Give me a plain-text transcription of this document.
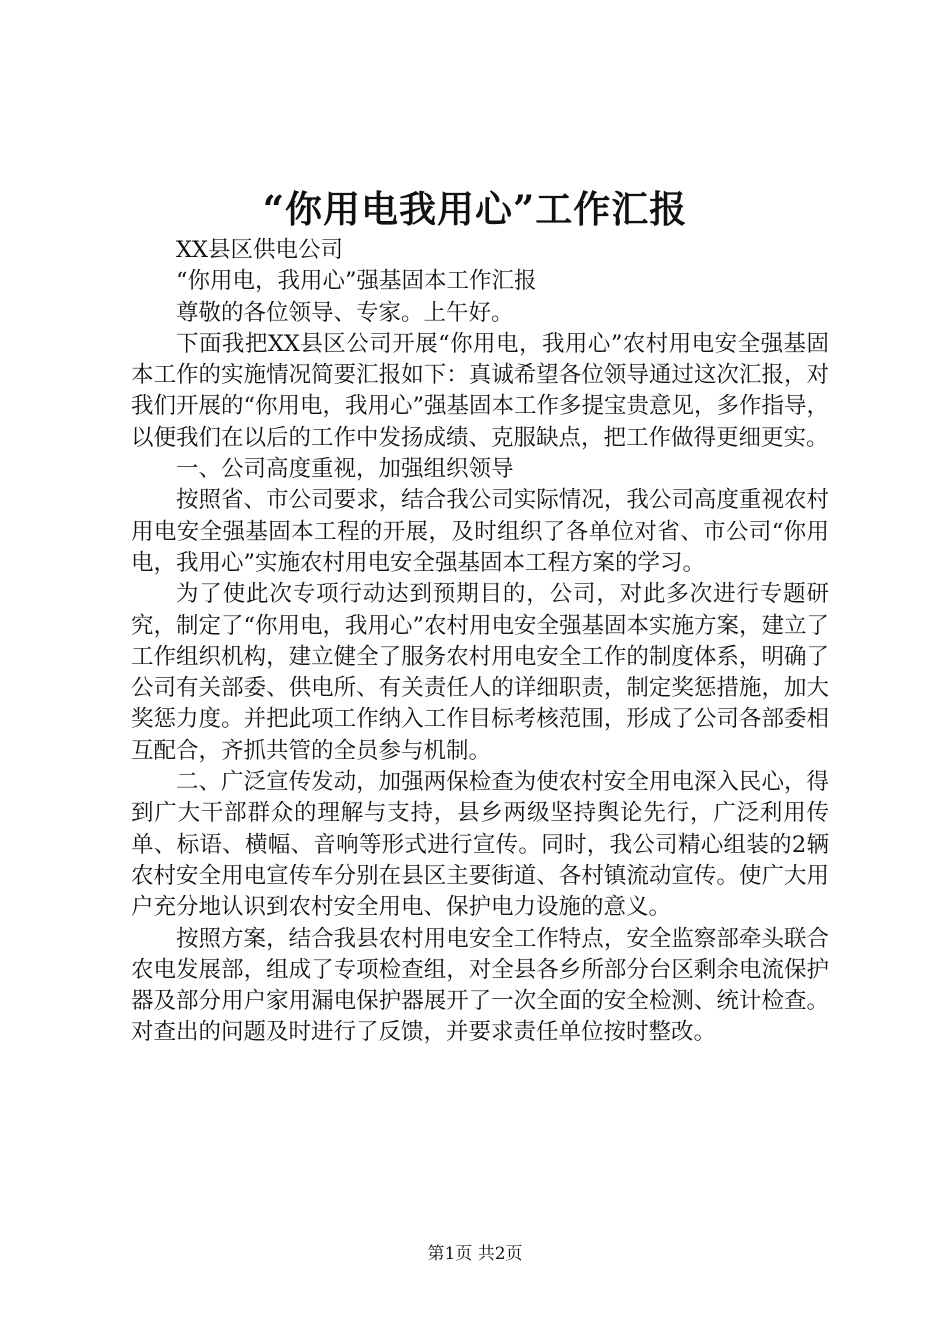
“你用电我用心”工作汇报

XX县区供电公司

“你用电，我用心”强基固本工作汇报

尊敬的各位领导、专家。上午好。

下面我把XX县区公司开展“你用电，我用心”农村用电安全强基固本工作的实施情况简要汇报如下：真诚希望各位领导通过这次汇报，对我们开展的“你用电，我用心”强基固本工作多提宝贵意见，多作指导，以便我们在以后的工作中发扬成绩、克服缺点，把工作做得更细更实。

一、公司高度重视，加强组织领导

按照省、市公司要求，结合我公司实际情况，我公司高度重视农村用电安全强基固本工程的开展，及时组织了各单位对省、市公司“你用电，我用心”实施农村用电安全强基固本工程方案的学习。

为了使此次专项行动达到预期目的，公司，对此多次进行专题研究，制定了“你用电，我用心”农村用电安全强基固本实施方案，建立了工作组织机构，建立健全了服务农村用电安全工作的制度体系，明确了公司有关部委、供电所、有关责任人的详细职责，制定奖惩措施，加大奖惩力度。并把此项工作纳入工作目标考核范围，形成了公司各部委相互配合，齐抓共管的全员参与机制。

二、广泛宣传发动，加强两保检查为使农村安全用电深入民心，得到广大干部群众的理解与支持，县乡两级坚持舆论先行，广泛利用传单、标语、横幅、音响等形式进行宣传。同时，我公司精心组装的2辆农村安全用电宣传车分别在县区主要街道、各村镇流动宣传。使广大用户充分地认识到农村安全用电、保护电力设施的意义。

按照方案，结合我县农村用电安全工作特点，安全监察部牵头联合农电发展部，组成了专项检查组，对全县各乡所部分台区剩余电流保护器及部分用户家用漏电保护器展开了一次全面的安全检测、统计检查。对查出的问题及时进行了反馈，并要求责任单位按时整改。

第1页 共2页
